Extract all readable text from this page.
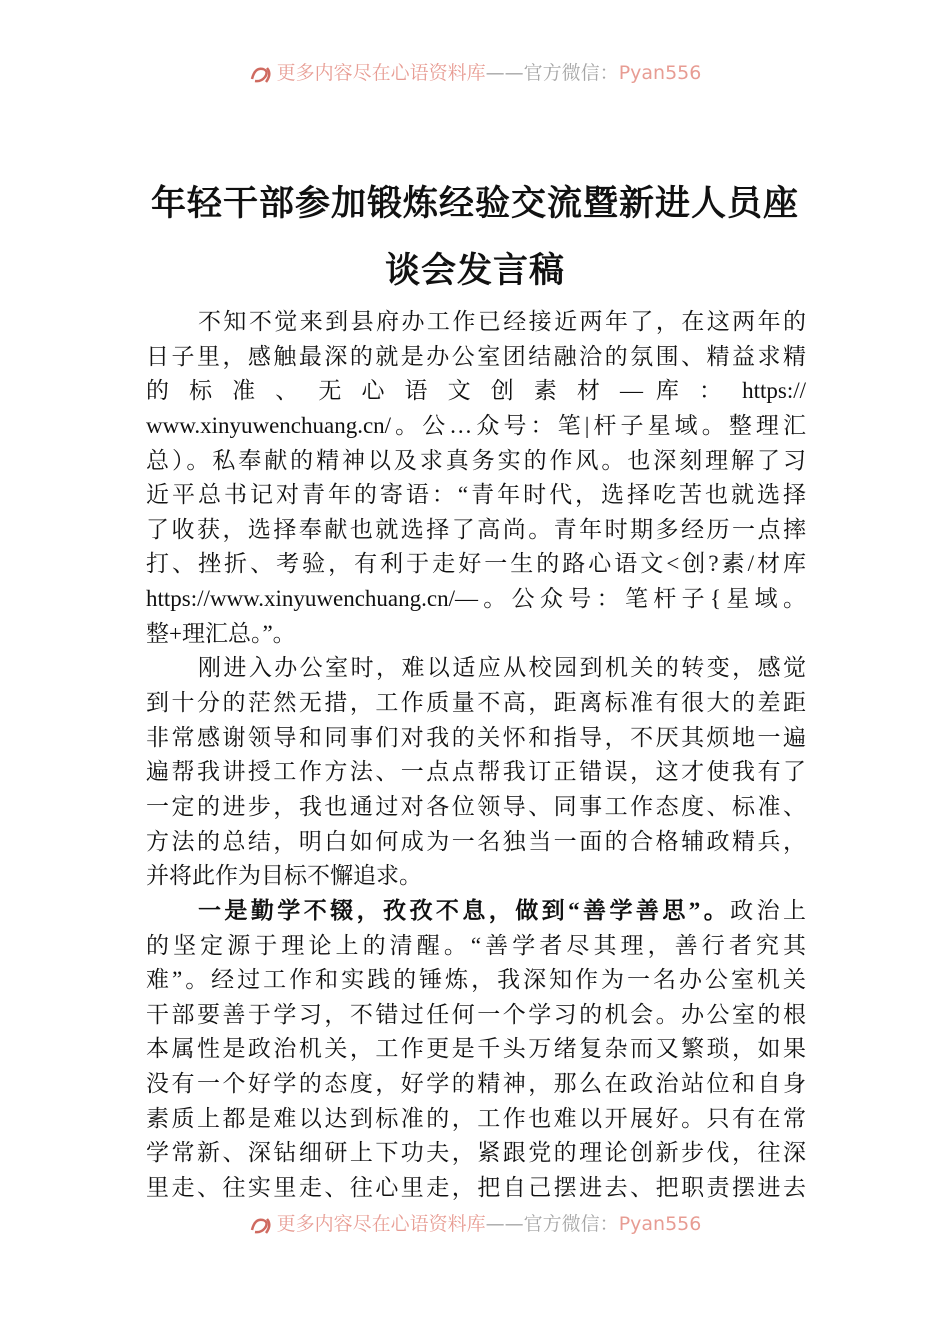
更多内容尽在心语资料库——官方微信：Pyan556
年轻干部参加锻炼经验交流暨新进人员座
谈会发言稿
不知不觉来到县府办工作已经接近两年了，在这两年的
日子里，感触最深的就是办公室团结融洽的氛围、精益求精
的 标 准 、 无 心 语 文 创 素 材 — 库 ： https://
www.xinyuwenchuang.cn/。公…众号：笔|杆子星域。整理汇
总）。私奉献的精神以及求真务实的作风。也深刻理解了习
近平总书记对青年的寄语：“青年时代，选择吃苦也就选择
了收获，选择奉献也就选择了高尚。青年时期多经历一点摔
打、挫折、考验，有利于走好一生的路心语文<创?素/材库
https://www.xinyuwenchuang.cn/—。公众号：笔杆子{星域。
整+理汇总。”。
刚进入办公室时，难以适应从校园到机关的转变，感觉
到十分的茫然无措，工作质量不高，距离标准有很大的差距
非常感谢领导和同事们对我的关怀和指导，不厌其烦地一遍
遍帮我讲授工作方法、一点点帮我订正错误，这才使我有了
一定的进步，我也通过对各位领导、同事工作态度、标准、
方法的总结，明白如何成为一名独当一面的合格辅政精兵，
并将此作为目标不懈追求。
一是勤学不辍，孜孜不息，做到“善学善思”。政治上
的坚定源于理论上的清醒。“善学者尽其理，善行者究其
难”。经过工作和实践的锤炼，我深知作为一名办公室机关
干部要善于学习，不错过任何一个学习的机会。办公室的根
本属性是政治机关，工作更是千头万绪复杂而又繁琐，如果
没有一个好学的态度，好学的精神，那么在政治站位和自身
素质上都是难以达到标准的，工作也难以开展好。只有在常
学常新、深钻细研上下功夫，紧跟党的理论创新步伐，往深
里走、往实里走、往心里走，把自己摆进去、把职责摆进去
更多内容尽在心语资料库——官方微信：Pyan556
